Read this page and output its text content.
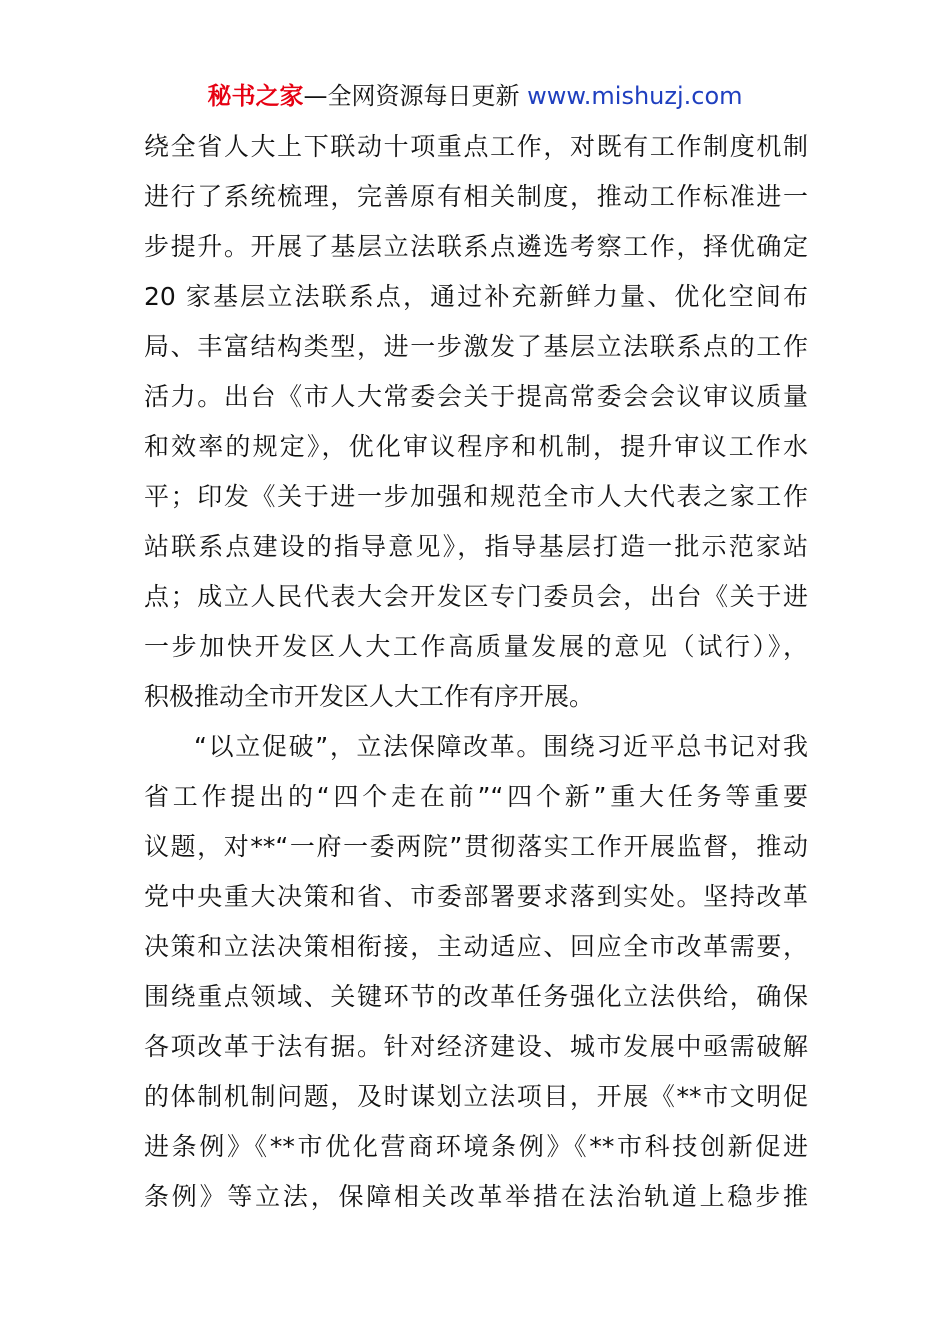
秘书之家—全网资源每日更新 www.mishuzj.com
绕全省人大上下联动十项重点工作，对既有工作制度机制
进行了系统梳理，完善原有相关制度，推动工作标准进一
步提升。开展了基层立法联系点遴选考察工作，择优确定
20 家基层立法联系点，通过补充新鲜力量、优化空间布
局、丰富结构类型，进一步激发了基层立法联系点的工作
活力。出台《市人大常委会关于提高常委会会议审议质量
和效率的规定》，优化审议程序和机制，提升审议工作水
平；印发《关于进一步加强和规范全市人大代表之家工作
站联系点建设的指导意见》，指导基层打造一批示范家站
点；成立人民代表大会开发区专门委员会，出台《关于进
一步加快开发区人大工作高质量发展的意见（试行）》，
积极推动全市开发区人大工作有序开展。
“以立促破”，立法保障改革。围绕习近平总书记对我
省工作提出的“四个走在前”“四个新”重大任务等重要
议题，对**“一府一委两院”贯彻落实工作开展监督，推动
党中央重大决策和省、市委部署要求落到实处。坚持改革
决策和立法决策相衔接，主动适应、回应全市改革需要，
围绕重点领域、关键环节的改革任务强化立法供给，确保
各项改革于法有据。针对经济建设、城市发展中亟需破解
的体制机制问题，及时谋划立法项目，开展《**市文明促
进条例》《**市优化营商环境条例》《**市科技创新促进
条例》等立法，保障相关改革举措在法治轨道上稳步推
